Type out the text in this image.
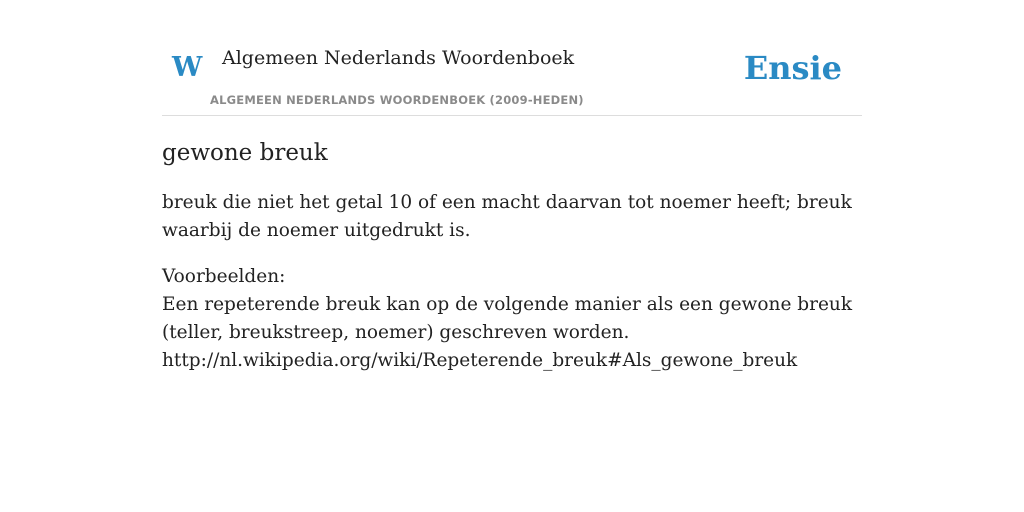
W Algemeen Nederlands Woordenboek
ALGEMEEN NEDERLANDS WOORDENBOEK (2009-HEDEN)
Ensie
gewone breuk

breuk die niet het getal 10 of een macht daarvan tot noemer heeft; breuk waarbij de noemer uitgedrukt is.

Voorbeelden:
Een repeterende breuk kan op de volgende manier als een gewone breuk (teller, breukstreep, noemer) geschreven worden.
http://nl.wikipedia.org/wiki/Repeterende_breuk#Als_gewone_breuk
